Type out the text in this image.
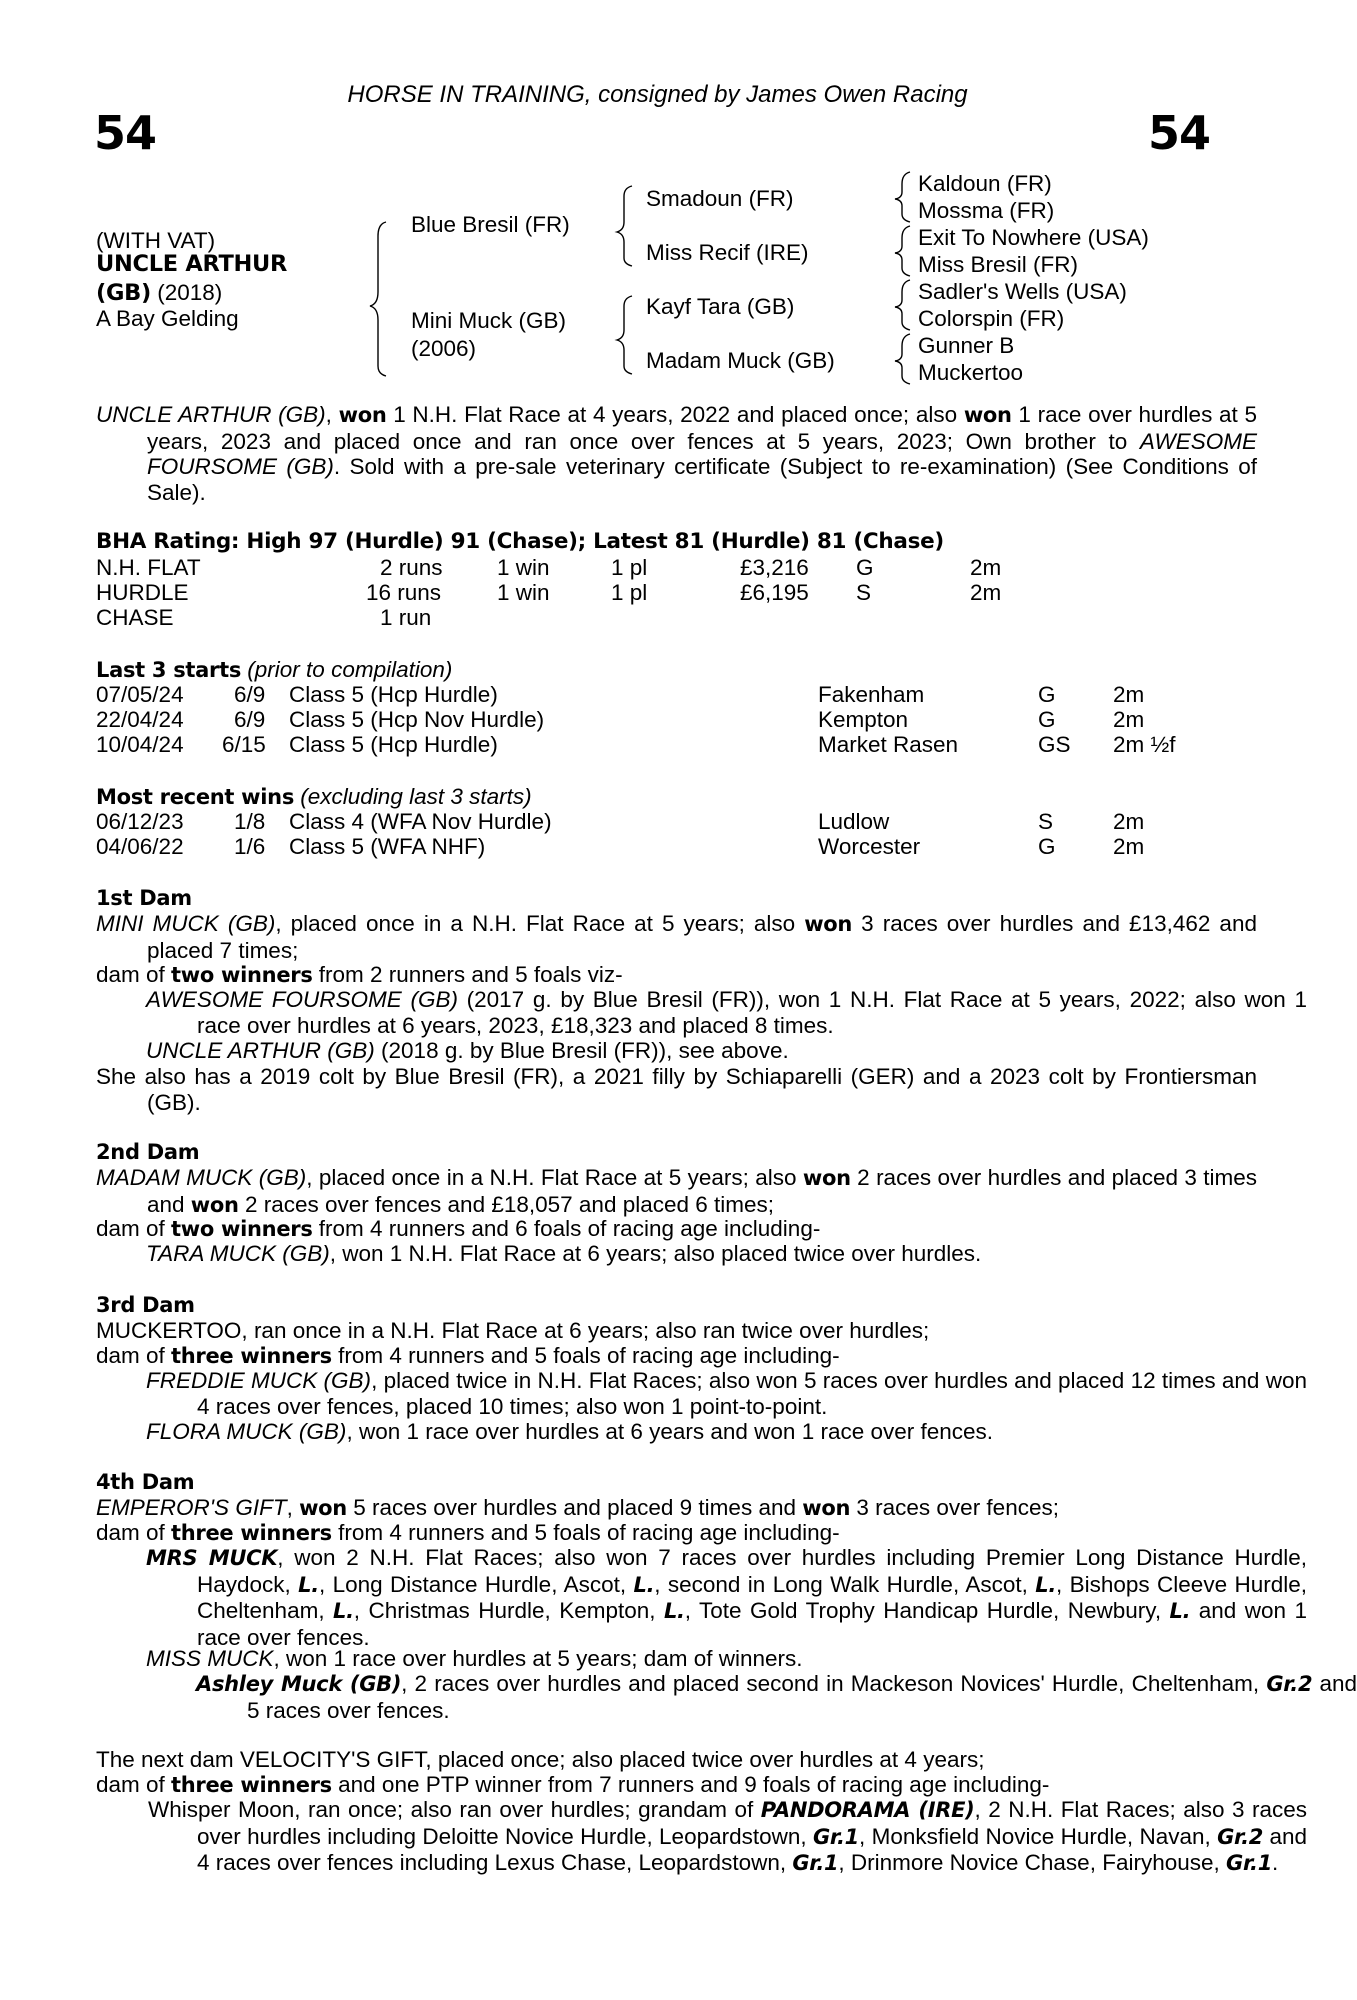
HORSE IN TRAINING, consigned by James Owen Racing
54	54
(WITH VAT)
UNCLE ARTHUR
(GB) (2018)
A Bay Gelding
Blue Bresil (FR)
Mini Muck (GB)
(2006)
Smadoun (FR)
Miss Recif (IRE)
Kayf Tara (GB)
Madam Muck (GB)
Kaldoun (FR)
Mossma (FR)
Exit To Nowhere (USA)
Miss Bresil (FR)
Sadler's Wells (USA)
Colorspin (FR)
Gunner B
Muckertoo
UNCLE ARTHUR (GB), won 1 N.H. Flat Race at 4 years, 2022 and placed once; also won 1 race over hurdles at 5 years, 2023 and placed once and ran once over fences at 5 years, 2023; Own brother to AWESOME FOURSOME (GB). Sold with a pre-sale veterinary certificate (Subject to re-examination) (See Conditions of Sale).
BHA Rating: High 97 (Hurdle) 91 (Chase); Latest 81 (Hurdle) 81 (Chase)
N.H. FLAT	2 runs 1 win	1 pl	£3,216 G	2m
HURDLE	16 runs 1 win	1 pl	£6,195 S	2m
CHASE	1 run
Last 3 starts (prior to compilation)
07/05/24 6/9 Class 5 (Hcp Hurdle)	Fakenham	G	2m
22/04/24 6/9 Class 5 (Hcp Nov Hurdle)	Kempton	G	2m
10/04/24 6/15 Class 5 (Hcp Hurdle)	Market Rasen	GS 2m ½f
Most recent wins (excluding last 3 starts)
06/12/23 1/8 Class 4 (WFA Nov Hurdle)	Ludlow	S	2m
04/06/22 1/6 Class 5 (WFA NHF)	Worcester	G	2m
1st Dam
MINI MUCK (GB), placed once in a N.H. Flat Race at 5 years; also won 3 races over hurdles and £13,462 and placed 7 times;
dam of two winners from 2 runners and 5 foals viz-
AWESOME FOURSOME (GB) (2017 g. by Blue Bresil (FR)), won 1 N.H. Flat Race at 5 years, 2022; also won 1 race over hurdles at 6 years, 2023, £18,323 and placed 8 times.
UNCLE ARTHUR (GB) (2018 g. by Blue Bresil (FR)), see above.
She also has a 2019 colt by Blue Bresil (FR), a 2021 filly by Schiaparelli (GER) and a 2023 colt by Frontiersman (GB).
2nd Dam
MADAM MUCK (GB), placed once in a N.H. Flat Race at 5 years; also won 2 races over hurdles and placed 3 times and won 2 races over fences and £18,057 and placed 6 times;
dam of two winners from 4 runners and 6 foals of racing age including-
TARA MUCK (GB), won 1 N.H. Flat Race at 6 years; also placed twice over hurdles.
3rd Dam
MUCKERTOO, ran once in a N.H. Flat Race at 6 years; also ran twice over hurdles;
dam of three winners from 4 runners and 5 foals of racing age including-
FREDDIE MUCK (GB), placed twice in N.H. Flat Races; also won 5 races over hurdles and placed 12 times and won 4 races over fences, placed 10 times; also won 1 point-to-point.
FLORA MUCK (GB), won 1 race over hurdles at 6 years and won 1 race over fences.
4th Dam
EMPEROR'S GIFT, won 5 races over hurdles and placed 9 times and won 3 races over fences;
dam of three winners from 4 runners and 5 foals of racing age including-
MRS MUCK, won 2 N.H. Flat Races; also won 7 races over hurdles including Premier Long Distance Hurdle, Haydock, L., Long Distance Hurdle, Ascot, L., second in Long Walk Hurdle, Ascot, L., Bishops Cleeve Hurdle, Cheltenham, L., Christmas Hurdle, Kempton, L., Tote Gold Trophy Handicap Hurdle, Newbury, L. and won 1 race over fences.
MISS MUCK, won 1 race over hurdles at 5 years; dam of winners.
Ashley Muck (GB), 2 races over hurdles and placed second in Mackeson Novices' Hurdle, Cheltenham, Gr.2 and 5 races over fences.
The next dam VELOCITY'S GIFT, placed once; also placed twice over hurdles at 4 years;
dam of three winners and one PTP winner from 7 runners and 9 foals of racing age including-
Whisper Moon, ran once; also ran over hurdles; grandam of PANDORAMA (IRE), 2 N.H. Flat Races; also 3 races over hurdles including Deloitte Novice Hurdle, Leopardstown, Gr.1, Monksfield Novice Hurdle, Navan, Gr.2 and 4 races over fences including Lexus Chase, Leopardstown, Gr.1, Drinmore Novice Chase, Fairyhouse, Gr.1.
